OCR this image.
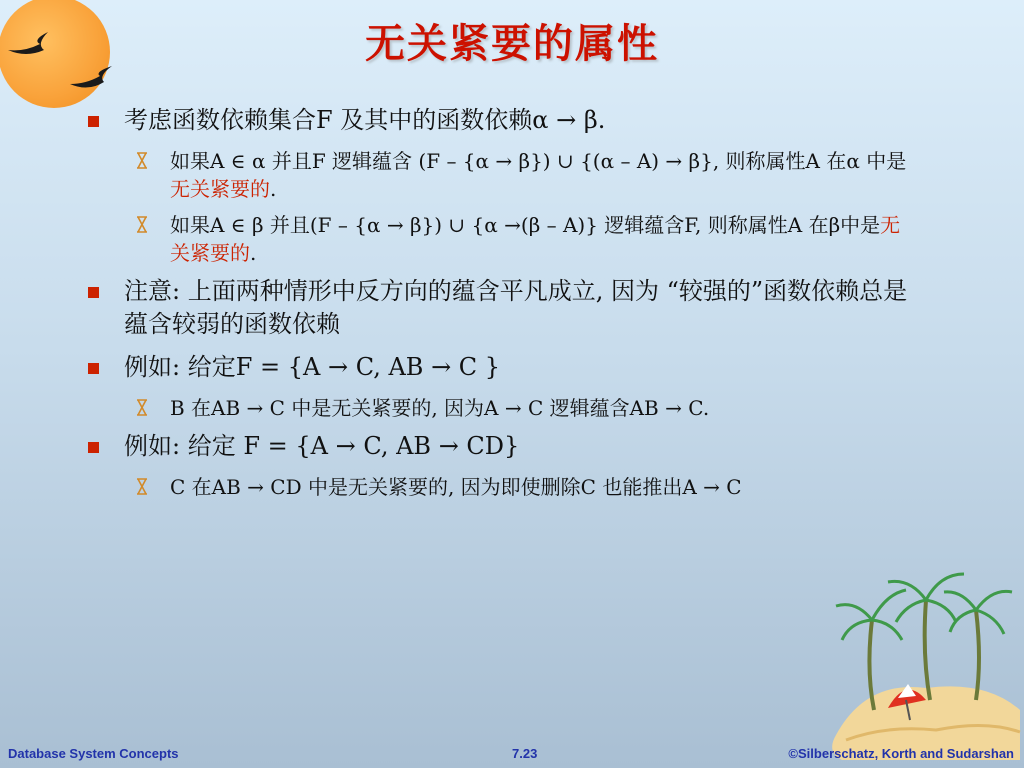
无关紧要的属性
考虑函数依赖集合F 及其中的函数依赖α → β.
如果A ∈ α 并且F 逻辑蕴含 (F – {α → β}) ∪ {(α – A) → β}, 则称属性A 在α 中是无关紧要的.
如果A ∈ β 并且(F – {α → β}) ∪ {α →(β – A)} 逻辑蕴含F, 则称属性A 在β中是无关紧要的.
注意: 上面两种情形中反方向的蕴含平凡成立, 因为 “较强的”函数依赖总是蕴含较弱的函数依赖
例如: 给定F = {A → C, AB → C }
B 在AB → C 中是无关紧要的, 因为A → C 逻辑蕴含AB → C.
例如: 给定 F = {A → C, AB → CD}
C 在AB → CD 中是无关紧要的, 因为即使删除C 也能推出A → C
Database System Concepts	7.23	©Silberschatz, Korth and Sudarshan
